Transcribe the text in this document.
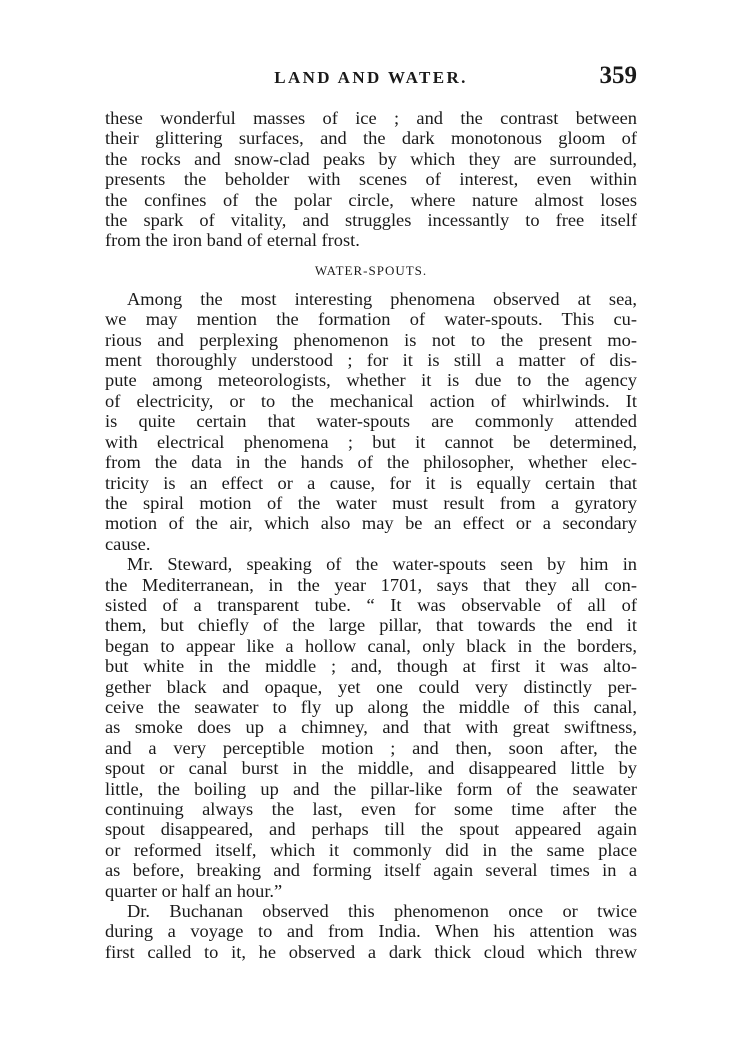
LAND AND WATER.	359

these wonderful masses of ice ; and the contrast between
their glittering surfaces, and the dark monotonous gloom of
the rocks and snow-clad peaks by which they are surrounded,
presents the beholder with scenes of interest, even within
the confines of the polar circle, where nature almost loses
the spark of vitality, and struggles incessantly to free itself
from the iron band of eternal frost.

WATER-SPOUTS.

Among the most interesting phenomena observed at sea,
we may mention the formation of water-spouts. This cu-
rious and perplexing phenomenon is not to the present mo-
ment thoroughly understood ; for it is still a matter of dis-
pute among meteorologists, whether it is due to the agency
of electricity, or to the mechanical action of whirlwinds. It
is quite certain that water-spouts are commonly attended
with electrical phenomena ; but it cannot be determined,
from the data in the hands of the philosopher, whether elec-
tricity is an effect or a cause, for it is equally certain that
the spiral motion of the water must result from a gyratory
motion of the air, which also may be an effect or a secondary
cause.

Mr. Steward, speaking of the water-spouts seen by him in
the Mediterranean, in the year 1701, says that they all con-
sisted of a transparent tube. “ It was observable of all of
them, but chiefly of the large pillar, that towards the end it
began to appear like a hollow canal, only black in the borders,
but white in the middle ; and, though at first it was alto-
gether black and opaque, yet one could very distinctly per-
ceive the seawater to fly up along the middle of this canal,
as smoke does up a chimney, and that with great swiftness,
and a very perceptible motion ; and then, soon after, the
spout or canal burst in the middle, and disappeared little by
little, the boiling up and the pillar-like form of the seawater
continuing always the last, even for some time after the
spout disappeared, and perhaps till the spout appeared again
or reformed itself, which it commonly did in the same place
as before, breaking and forming itself again several times in a
quarter or half an hour.”

Dr. Buchanan observed this phenomenon once or twice
during a voyage to and from India. When his attention was
first called to it, he observed a dark thick cloud which threw
